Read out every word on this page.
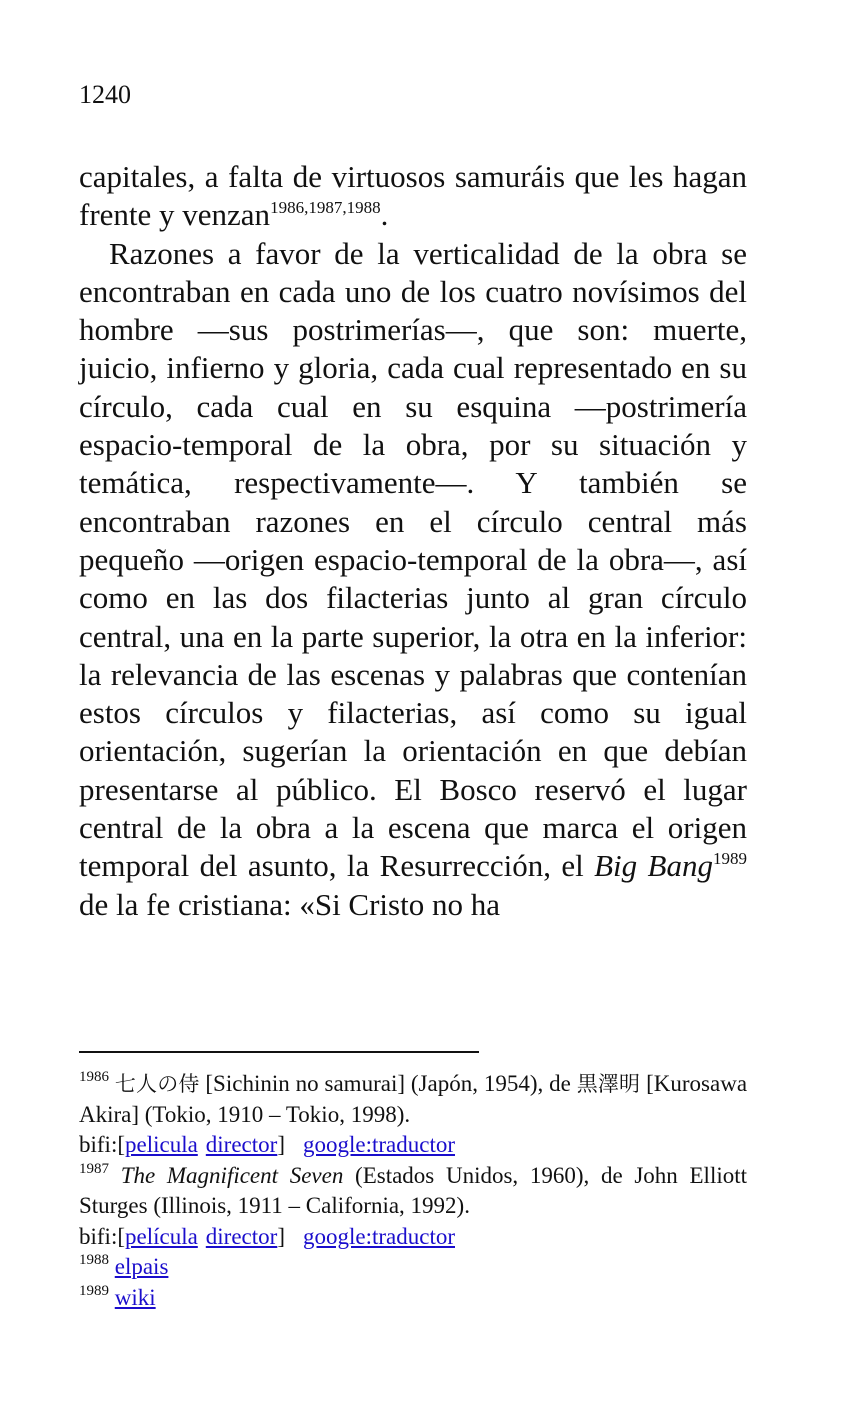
1240

capitales, a falta de virtuosos samuráis que les hagan frente y venzan$^{1986,1987,1988}$.

Razones a favor de la verticalidad de la obra se encontraban en cada uno de los cuatro novísimos del hombre —sus postrimerías—, que son: muerte, juicio, infierno y gloria, cada cual representado en su círculo, cada cual en su esquina —postrimería espacio-temporal de la obra, por su situación y temática, respectivamente—. Y también se encontraban razones en el círculo central más pequeño —origen espacio-temporal de la obra—, así como en las dos filacterias junto al gran círculo central, una en la parte superior, la otra en la inferior: la relevancia de las escenas y palabras que contenían estos círculos y filacterias, así como su igual orientación, sugerían la orientación en que debían presentarse al público. El Bosco reservó el lugar central de la obra a la escena que marca el origen temporal del asunto, la Resurrección, el Big Bang$^{1989}$ de la fe cristiana: «Si Cristo no ha

$^{1986}$ 七人の侍 [Sichinin no samurai] (Japón, 1954), de 黒澤明 [Kurosawa Akira] (Tokio, 1910 – Tokio, 1998).

bifi:[pelicula director] google:traductor

$^{1987}$ The Magnificent Seven (Estados Unidos, 1960), de John Elliott Sturges (Illinois, 1911 – California, 1992).

bifi:[película director] google:traductor

$^{1988}$ elpais

$^{1989}$ wiki
